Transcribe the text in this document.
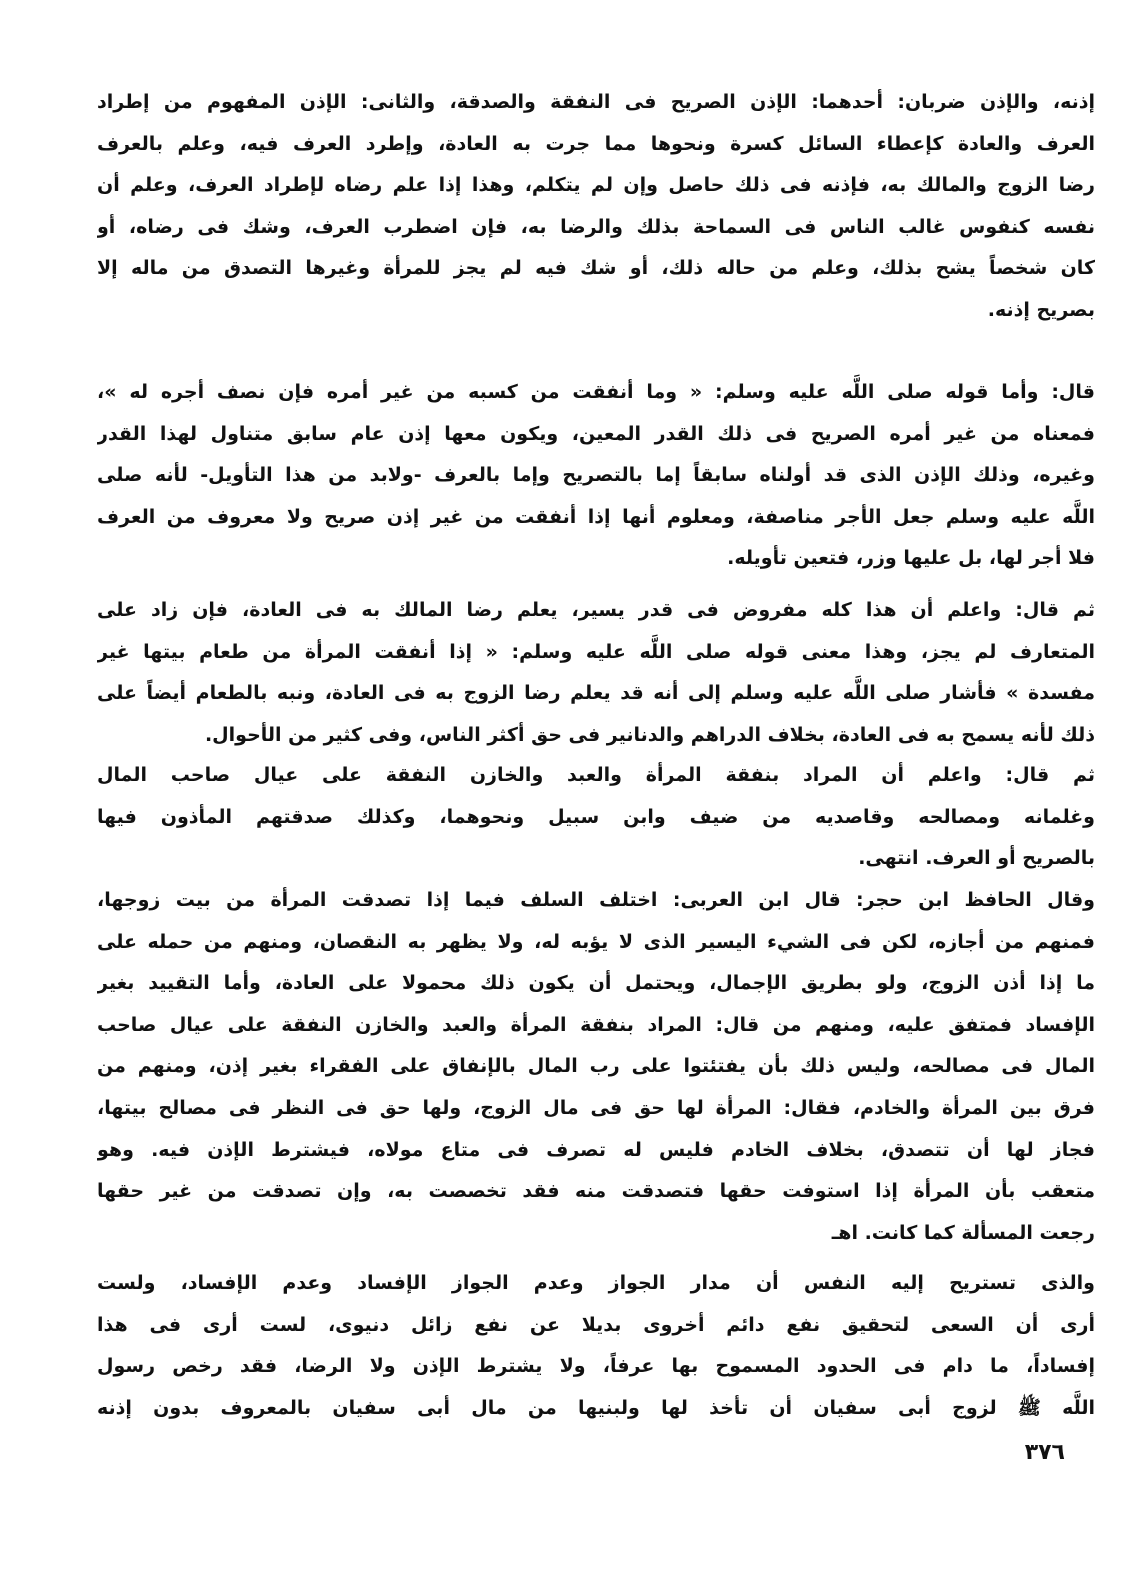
إذنه، والإذن ضربان: أحدهما: الإذن الصريح فى النفقة والصدقة، والثانى: الإذن المفهوم من إطراد
العرف والعادة كإعطاء السائل كسرة ونحوها مما جرت به العادة، وإطرد العرف فيه، وعلم بالعرف
رضا الزوج والمالك به، فإذنه فى ذلك حاصل وإن لم يتكلم، وهذا إذا علم رضاه لإطراد العرف، وعلم أن
نفسه كنفوس غالب الناس فى السماحة بذلك والرضا به، فإن اضطرب العرف، وشك فى رضاه، أو
كان شخصاً يشح بذلك، وعلم من حاله ذلك، أو شك فيه لم يجز للمرأة وغيرها التصدق من ماله إلا
بصريح إذنه.
قال: وأما قوله صلى اللَّه عليه وسلم: « وما أنفقت من كسبه من غير أمره فإن نصف أجره له »،
فمعناه من غير أمره الصريح فى ذلك القدر المعين، ويكون معها إذن عام سابق متناول لهذا القدر
وغيره، وذلك الإذن الذى قد أولناه سابقاً إما بالتصريح وإما بالعرف -ولابد من هذا التأويل- لأنه صلى
اللَّه عليه وسلم جعل الأجر مناصفة، ومعلوم أنها إذا أنفقت من غير إذن صريح ولا معروف من العرف
فلا أجر لها، بل عليها وزر، فتعين تأويله.
ثم قال: واعلم أن هذا كله مفروض فى قدر يسير، يعلم رضا المالك به فى العادة، فإن زاد على
المتعارف لم يجز، وهذا معنى قوله صلى اللَّه عليه وسلم: « إذا أنفقت المرأة من طعام بيتها غير
مفسدة » فأشار صلى اللَّه عليه وسلم إلى أنه قد يعلم رضا الزوج به فى العادة، ونبه بالطعام أيضاً على
ذلك لأنه يسمح به فى العادة، بخلاف الدراهم والدنانير فى حق أكثر الناس، وفى كثير من الأحوال.
ثم قال: واعلم أن المراد بنفقة المرأة والعبد والخازن النفقة على عيال صاحب المال
وغلمانه ومصالحه وقاصديه من ضيف وابن سبيل ونحوهما، وكذلك صدقتهم المأذون فيها
بالصريح أو العرف. انتهى.
وقال الحافظ ابن حجر: قال ابن العربى: اختلف السلف فيما إذا تصدقت المرأة من بيت زوجها،
فمنهم من أجازه، لكن فى الشيء اليسير الذى لا يؤبه له، ولا يظهر به النقصان، ومنهم من حمله على
ما إذا أذن الزوج، ولو بطريق الإجمال، ويحتمل أن يكون ذلك محمولا على العادة، وأما التقييد بغير
الإفساد فمتفق عليه، ومنهم من قال: المراد بنفقة المرأة والعبد والخازن النفقة على عيال صاحب
المال فى مصالحه، وليس ذلك بأن يفتئتوا على رب المال بالإنفاق على الفقراء بغير إذن، ومنهم من
فرق بين المرأة والخادم، فقال: المرأة لها حق فى مال الزوج، ولها حق فى النظر فى مصالح بيتها،
فجاز لها أن تتصدق، بخلاف الخادم فليس له تصرف فى متاع مولاه، فيشترط الإذن فيه. وهو
متعقب بأن المرأة إذا استوفت حقها فتصدقت منه فقد تخصصت به، وإن تصدقت من غير حقها
رجعت المسألة كما كانت. اهـ
والذى تستريح إليه النفس أن مدار الجواز وعدم الجواز الإفساد وعدم الإفساد، ولست
أرى أن السعى لتحقيق نفع دائم أخروى بديلا عن نفع زائل دنيوى، لست أرى فى هذا
إفساداً، ما دام فى الحدود المسموح بها عرفاً، ولا يشترط الإذن ولا الرضا، فقد رخص رسول
اللَّه ﷺ لزوج أبى سفيان أن تأخذ لها ولبنيها من مال أبى سفيان بالمعروف بدون إذنه
٣٧٦
